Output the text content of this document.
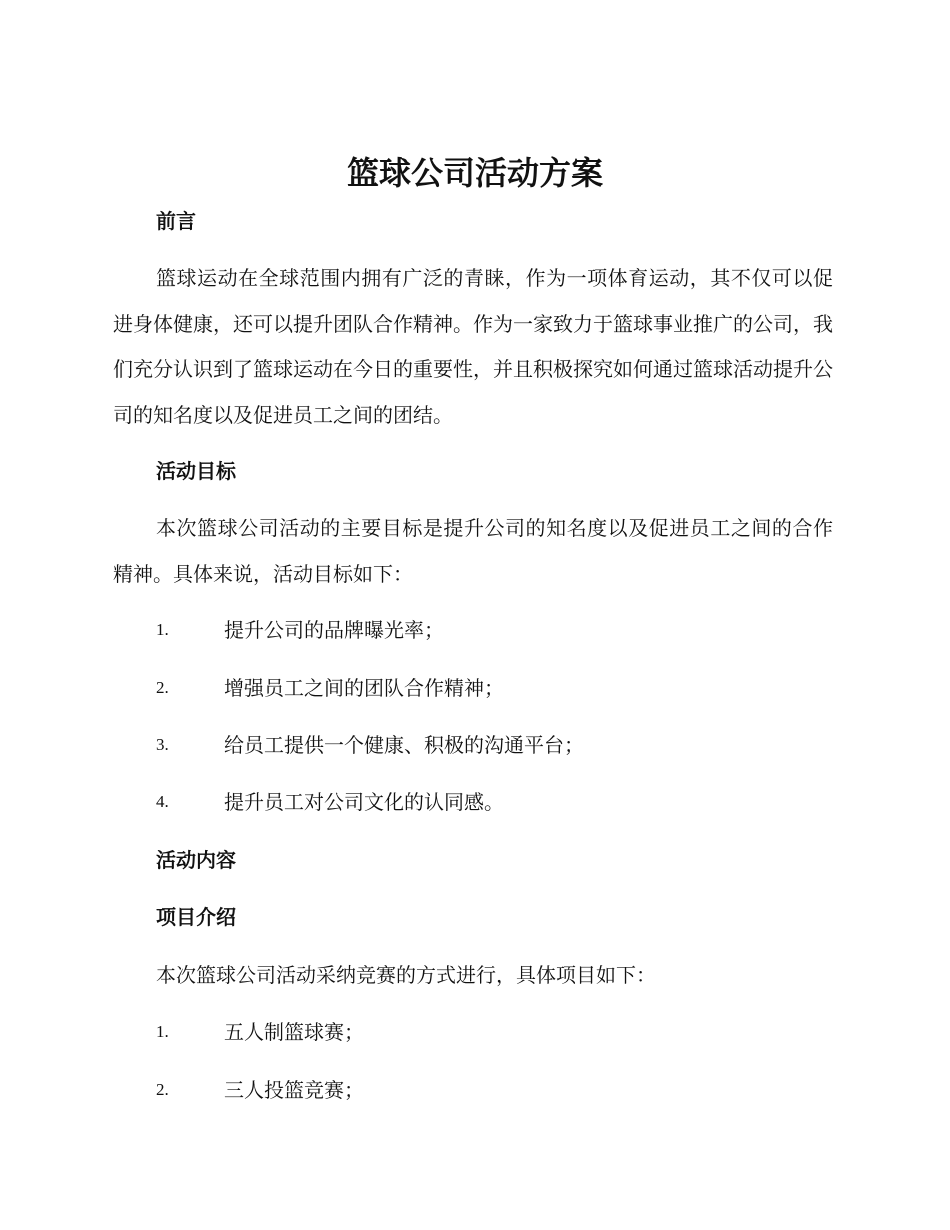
篮球公司活动方案
前言

篮球运动在全球范围内拥有广泛的青睐，作为一项体育运动，其不仅可以促进身体健康，还可以提升团队合作精神。作为一家致力于篮球事业推广的公司，我们充分认识到了篮球运动在今日的重要性，并且积极探究如何通过篮球活动提升公司的知名度以及促进员工之间的团结。

活动目标

本次篮球公司活动的主要目标是提升公司的知名度以及促进员工之间的合作精神。具体来说，活动目标如下：

1.	提升公司的品牌曝光率；
2.	增强员工之间的团队合作精神；
3.	给员工提供一个健康、积极的沟通平台；
4.	提升员工对公司文化的认同感。
活动内容
项目介绍

本次篮球公司活动采纳竞赛的方式进行，具体项目如下：

1.	五人制篮球赛；
2.	三人投篮竞赛；
